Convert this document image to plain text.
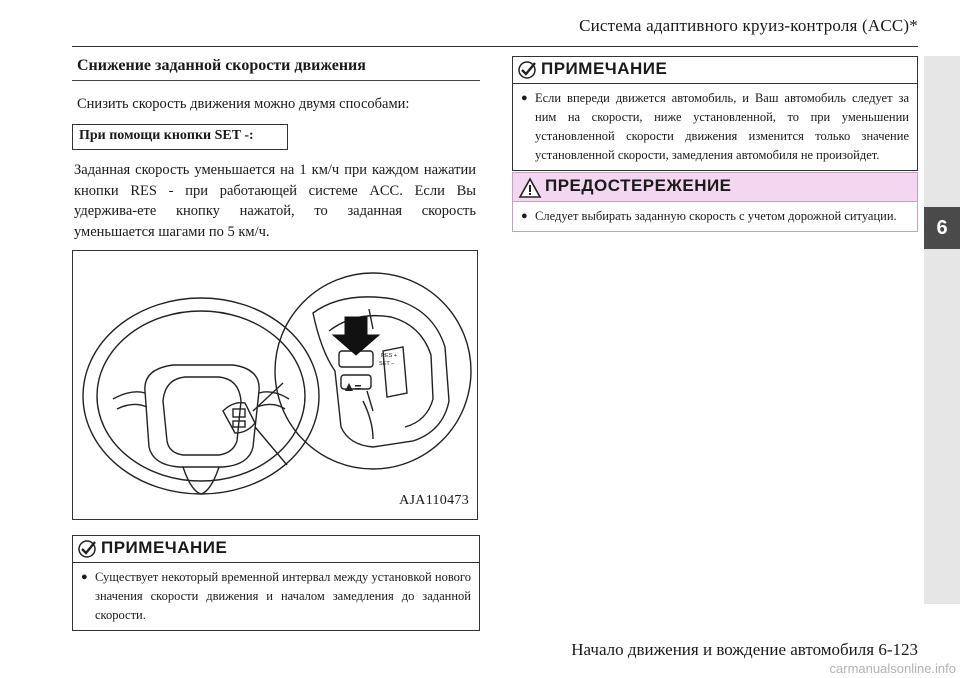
Система адаптивного круиз-контроля (ACC)*
6
Снижение заданной скорости движения
Снизить скорость движения можно двумя способами:
При помощи кнопки SET -:
Заданная скорость уменьшается на 1 км/ч при каждом нажатии кнопки RES - при работающей системе ACC. Если Вы удержива-ете кнопку нажатой, то заданная скорость уменьшается шагами по 5 км/ч.
RES +
SET –
AJA110473
ПРИМЕЧАНИЕ
● Существует некоторый временной интервал между установкой нового значения скорости движения и началом замедления до заданной скорости.
ПРИМЕЧАНИЕ
● Если впереди движется автомобиль, и Ваш автомобиль следует за ним на скорости, ниже установленной, то при уменьшении установленной скорости движения изменится только значение установленной скорости, замедления автомобиля не произойдет.
ПРЕДОСТЕРЕЖЕНИЕ
● Следует выбирать заданную скорость с учетом дорожной ситуации.
Начало движения и вождение автомобиля 6-123
carmanualsonline.info
